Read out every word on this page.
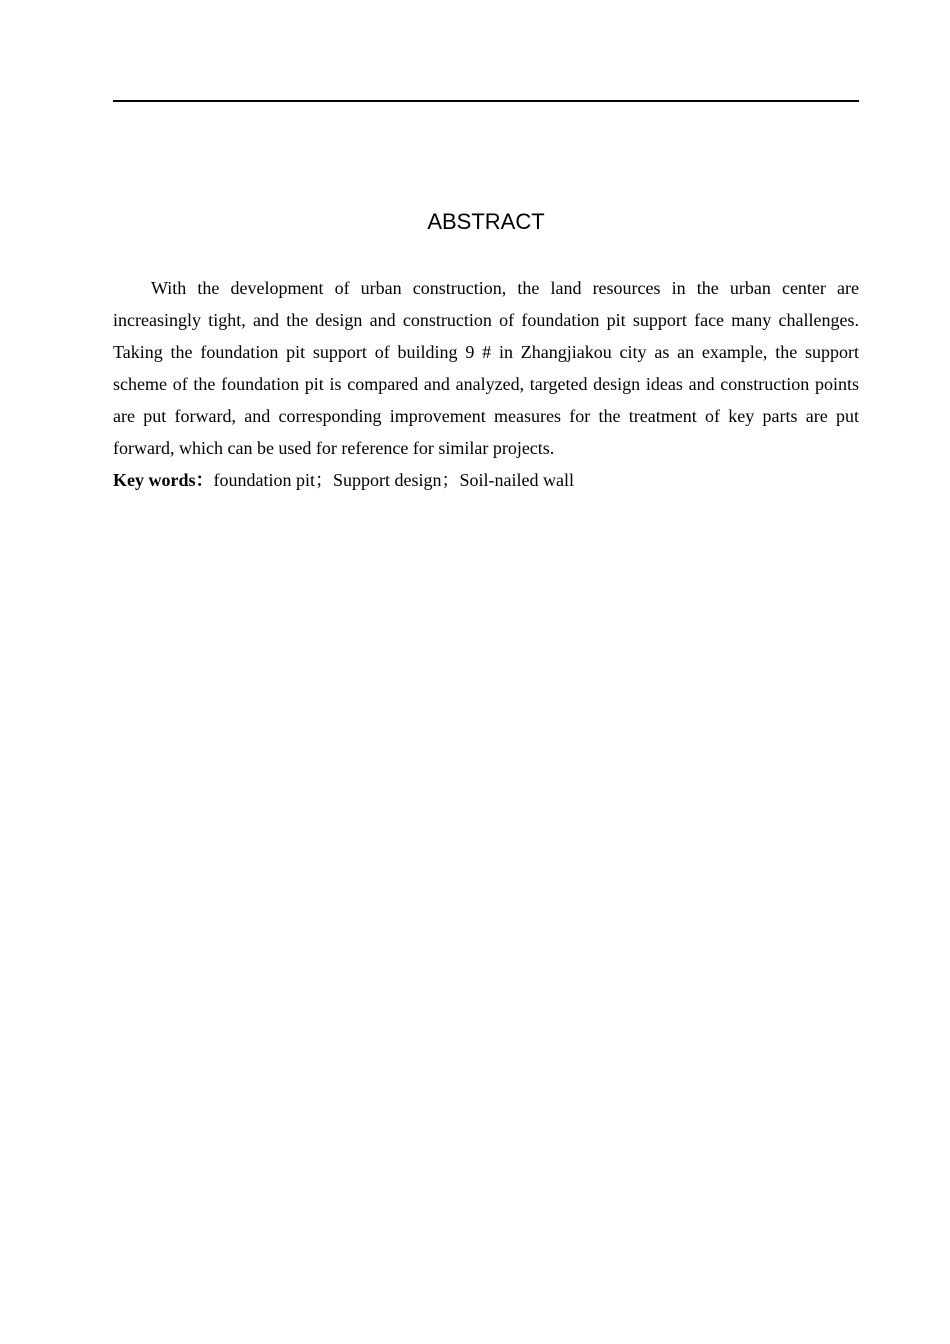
ABSTRACT

With the development of urban construction, the land resources in the urban center are increasingly tight, and the design and construction of foundation pit support face many challenges. Taking the foundation pit support of building 9 # in Zhangjiakou city as an example, the support scheme of the foundation pit is compared and analyzed, targeted design ideas and construction points are put forward, and corresponding improvement measures for the treatment of key parts are put forward, which can be used for reference for similar projects.

Key words：foundation pit；Support design；Soil-nailed wall
